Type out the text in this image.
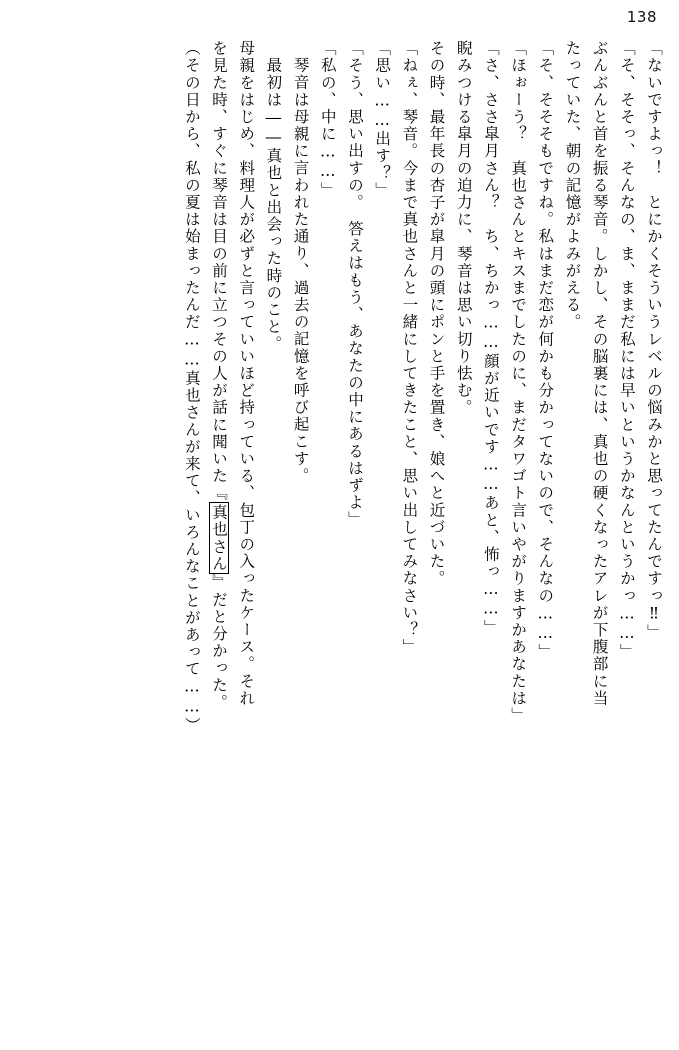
138
「ないですよっ！　とにかくそういうレベルの悩みかと思ってたんですっ‼」
「そ、そそっ、そんなの、ま、ままだ私には早いというかなんというかっ……」
ぶんぶんと首を振る琴音。しかし、その脳裏には、真也の硬くなったアレが下腹部に当
たっていた、朝の記憶がよみがえる。
「そ、そそそもですね。私はまだ恋が何かも分かってないので、そんなの……」
「ほぉーう？　真也さんとキスまでしたのに、まだタワゴト言いやがりますかあなたは」
「さ、ささ皐月さん？　ち、ちかっ……顔が近いです……あと、怖っ……」
睨みつける皐月の迫力に、琴音は思い切り怯む。
その時、最年長の杏子が皐月の頭にポンと手を置き、娘へと近づいた。
「ねぇ、琴音。今まで真也さんと一緒にしてきたこと、思い出してみなさい？」
「思い……出す？」
「そう、思い出すの。　答えはもう、あなたの中にあるはずよ」
「私の、中に……」
琴音は母親に言われた通り、過去の記憶を呼び起こす。
最初は――真也と出会った時のこと。
母親をはじめ、料理人が必ずと言っていいほど持っている、包丁の入ったケース。それ
を見た時、すぐに琴音は目の前に立つその人が話に聞いた『真也さん』だと分かった。
（その日から、私の夏は始まったんだ……真也さんが来て、いろんなことがあって……）
